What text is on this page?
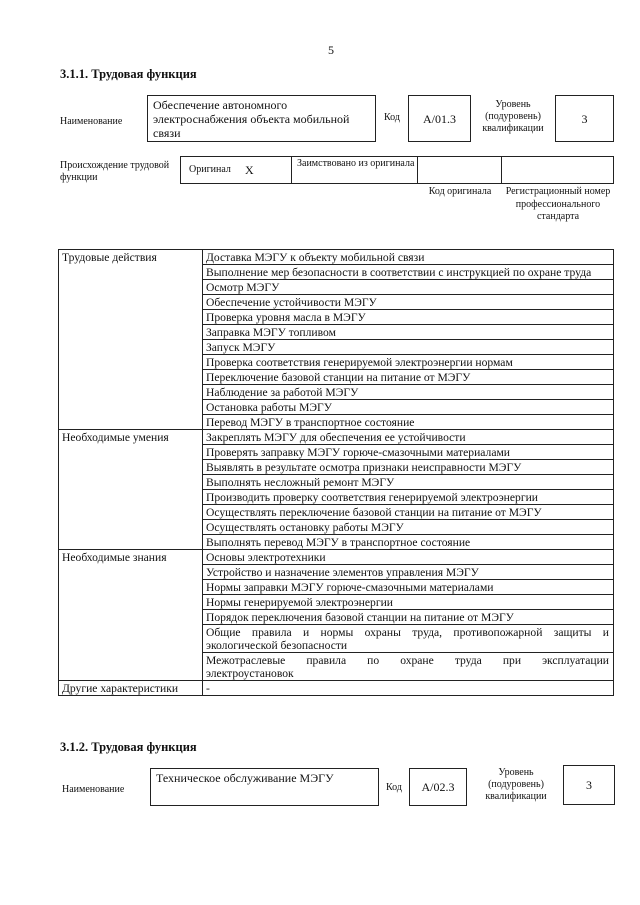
5
3.1.1. Трудовая функция
Наименование
Обеспечение автономного электроснабжения объекта мобильной связи
Код	A/01.3
Уровень (подуровень) квалификации
3
Происхождение трудовой функции
Оригинал X	Заимствовано из оригинала
Код оригинала	Регистрационный номер профессионального стандарта
Трудовые действия	Доставка МЭГУ к объекту мобильной связи
	Выполнение мер безопасности в соответствии с инструкцией по охране труда
	Осмотр МЭГУ
	Обеспечение устойчивости МЭГУ
	Проверка уровня масла в МЭГУ
	Заправка МЭГУ топливом
	Запуск МЭГУ
	Проверка соответствия генерируемой электроэнергии нормам
	Переключение базовой станции на питание от МЭГУ
	Наблюдение за работой МЭГУ
	Остановка работы МЭГУ
	Перевод МЭГУ в транспортное состояние
Необходимые умения	Закреплять МЭГУ для обеспечения ее устойчивости
	Проверять заправку МЭГУ горюче-смазочными материалами
	Выявлять в результате осмотра признаки неисправности МЭГУ
	Выполнять несложный ремонт МЭГУ
	Производить проверку соответствия генерируемой электроэнергии
	Осуществлять переключение базовой станции на питание от МЭГУ
	Осуществлять остановку работы МЭГУ
	Выполнять перевод МЭГУ в транспортное состояние
Необходимые знания	Основы электротехники
	Устройство и назначение элементов управления МЭГУ
	Нормы заправки МЭГУ горюче-смазочными материалами
	Нормы генерируемой электроэнергии
	Порядок переключения базовой станции на питание от МЭГУ
	Общие правила и нормы охраны труда, противопожарной защиты и экологической безопасности
	Межотраслевые правила по охране труда при эксплуатации электроустановок
Другие характеристики	-
3.1.2. Трудовая функция
Наименование
Техническое обслуживание МЭГУ
Код	A/02.3
Уровень (подуровень) квалификации
3
